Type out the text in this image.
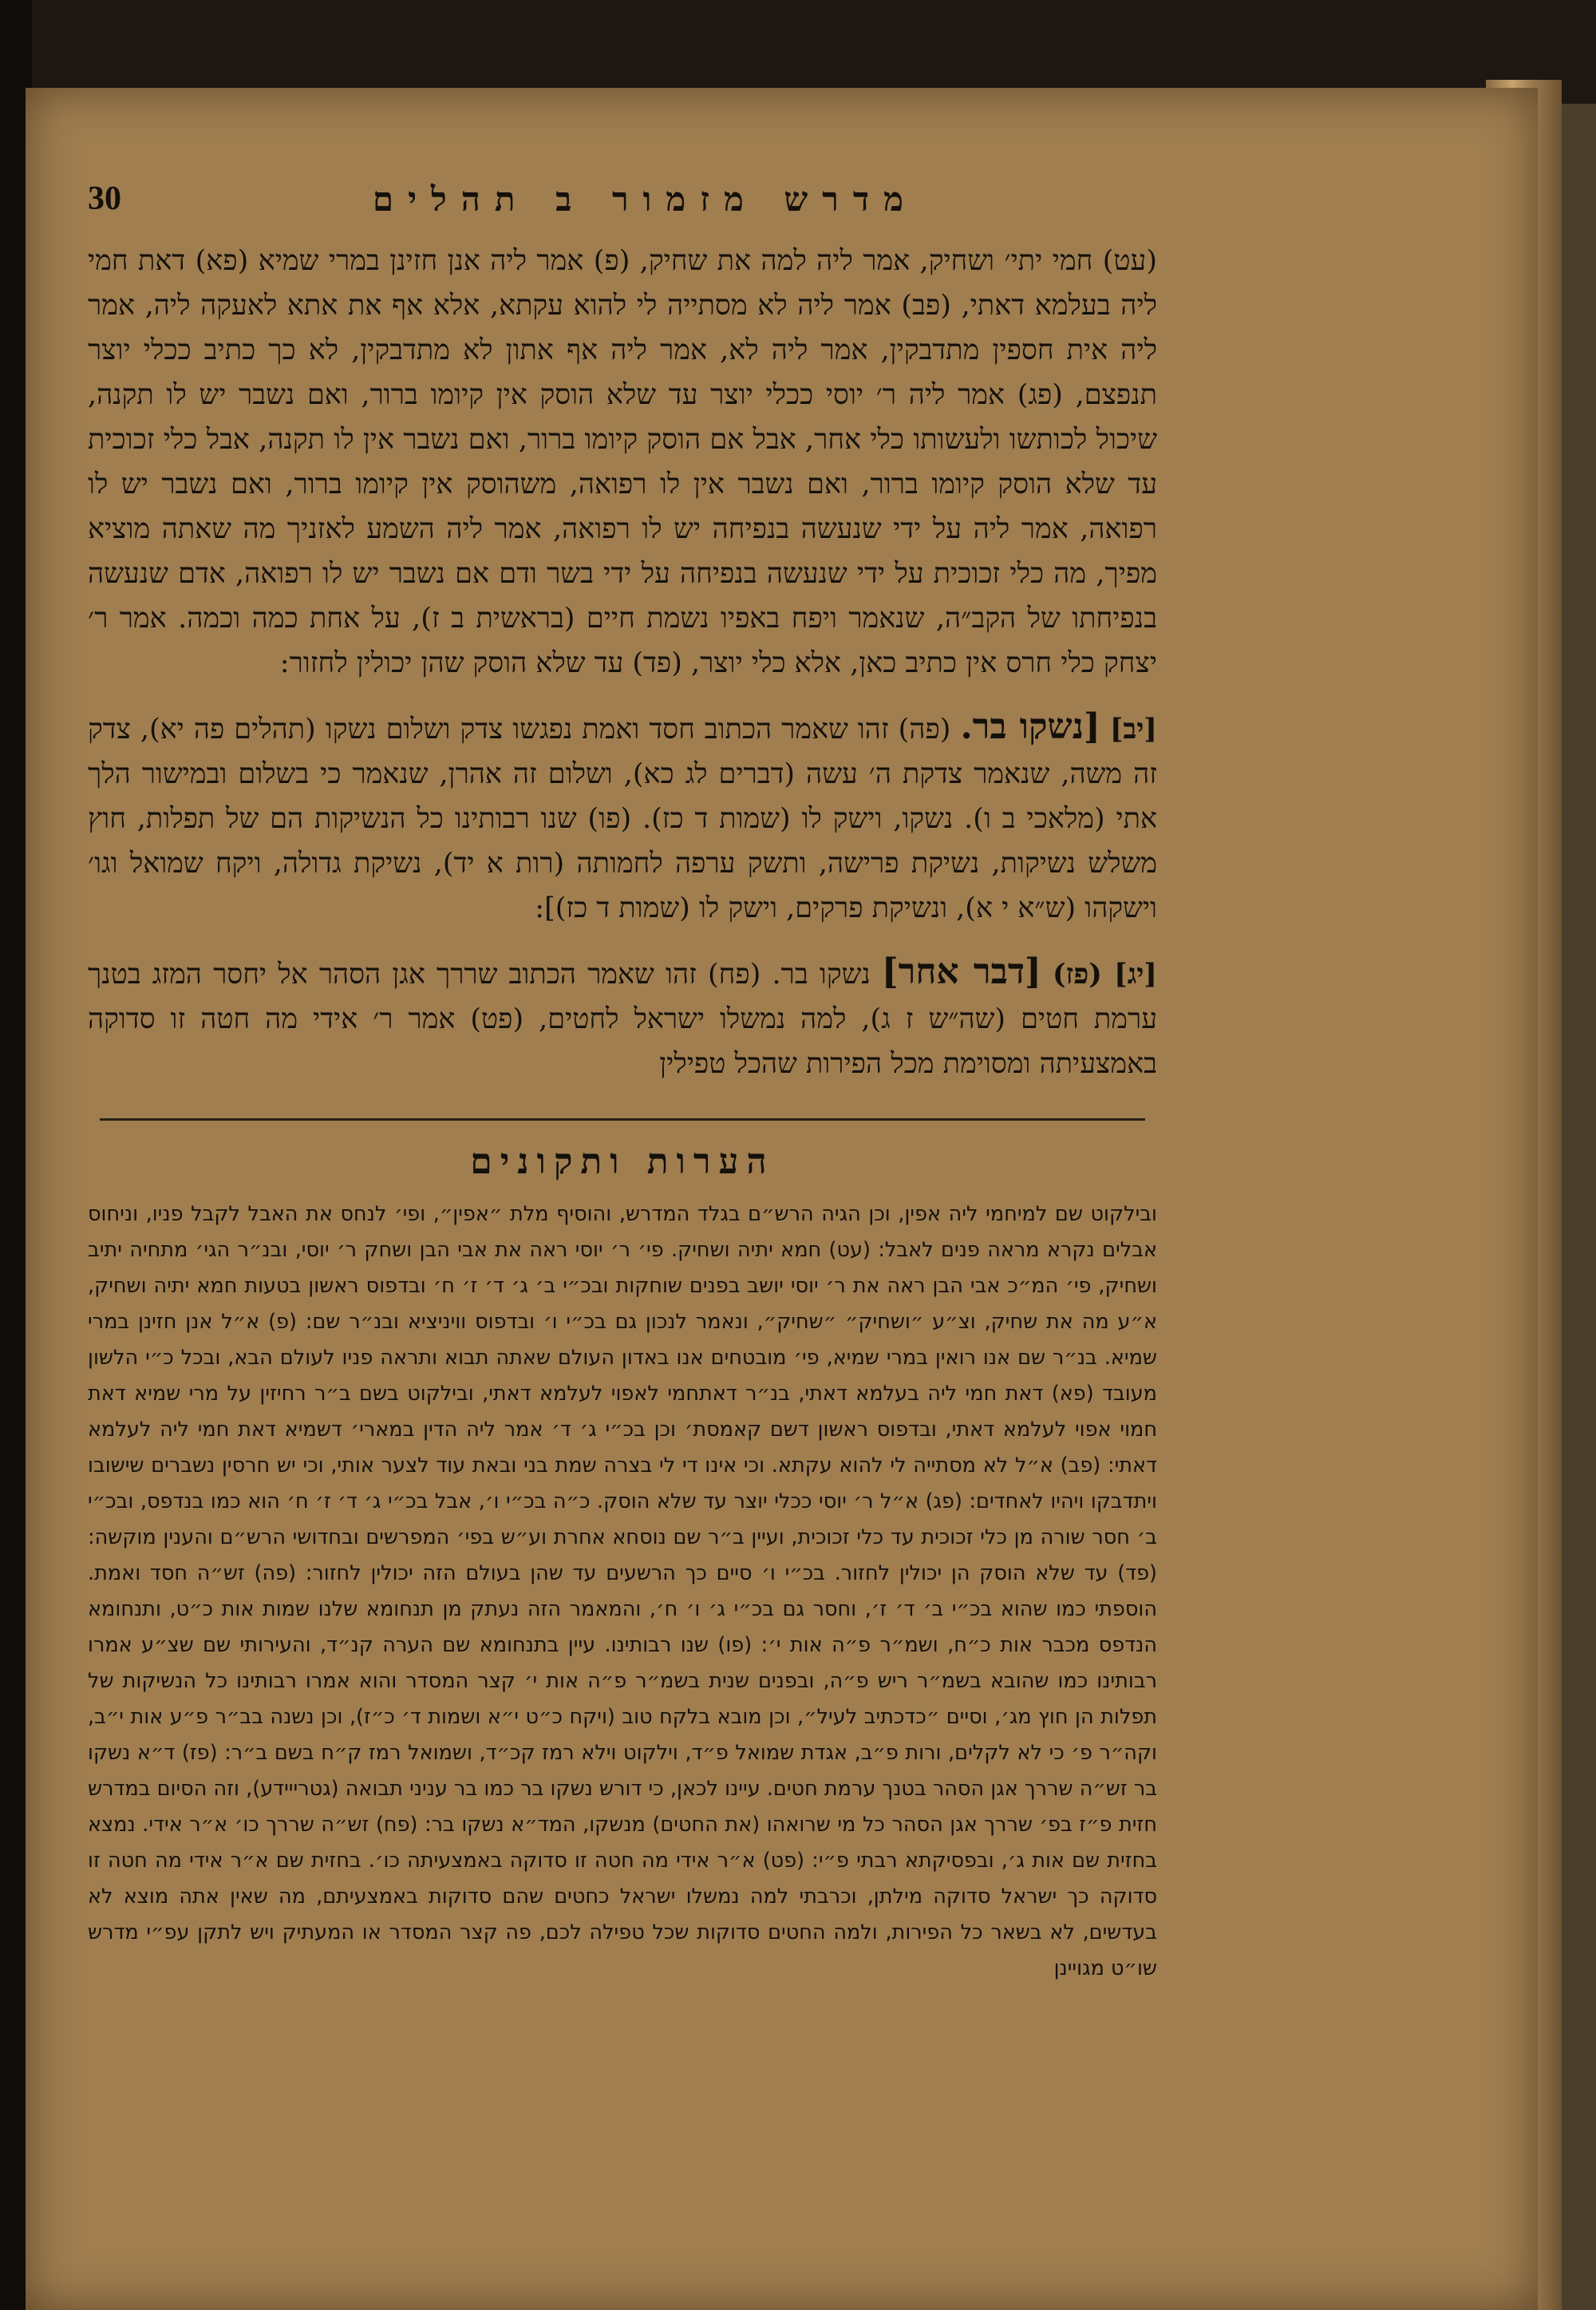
30	מדרש מזמור ב תהלים

(עט) חמי יתי׳ ושחיק, אמר ליה למה את שחיק, (פ) אמר ליה אנן חזינן במרי שמיא (פא) דאת חמי ליה בעלמא דאתי, (פב) אמר ליה לא מסתייה לי להוא עקתא, אלא אף את אתא לאעקה ליה, אמר ליה אית חספין מתדבקין, אמר ליה לא, אמר ליה אף אתון לא מתדבקין, לא כך כתיב ככלי יוצר תנפצם, (פג) אמר ליה ר׳ יוסי ככלי יוצר עד שלא הוסק אין קיומו ברור, ואם נשבר יש לו תקנה, שיכול לכותשו ולעשותו כלי אחר, אבל אם הוסק קיומו ברור, ואם נשבר אין לו תקנה, אבל כלי זכוכית עד שלא הוסק קיומו ברור, ואם נשבר אין לו רפואה, משהוסק אין קיומו ברור, ואם נשבר יש לו רפואה, אמר ליה על ידי שנעשה בנפיחה יש לו רפואה, אמר ליה השמע לאזניך מה שאתה מוציא מפיך, מה כלי זכוכית על ידי שנעשה בנפיחה על ידי בשר ודם אם נשבר יש לו רפואה, אדם שנעשה בנפיחתו של הקב״ה, שנאמר ויפח באפיו נשמת חיים (בראשית ב ז), על אחת כמה וכמה. אמר ר׳ יצחק כלי חרס אין כתיב כאן, אלא כלי יוצר, (פד) עד שלא הוסק שהן יכולין לחזור:

[יב] [נשקו בר. (פה) זהו שאמר הכתוב חסד ואמת נפגשו צדק ושלום נשקו (תהלים פה יא), צדק זה משה, שנאמר צדקת ה׳ עשה (דברים לג כא), ושלום זה אהרן, שנאמר כי בשלום ובמישור הלך אתי (מלאכי ב ו). נשקו, וישק לו (שמות ד כז). (פו) שנו רבותינו כל הנשיקות הם של תפלות, חוץ משלש נשיקות, נשיקת פרישה, ותשק ערפה לחמותה (רות א יד), נשיקת גדולה, ויקח שמואל וגו׳ וישקהו (ש״א י א), ונשיקת פרקים, וישק לו (שמות ד כז)]:

[יג] (פז) [דבר אחר] נשקו בר. (פח) זהו שאמר הכתוב שררך אגן הסהר אל יחסר המזג בטנך ערמת חטים (שה״ש ז ג), למה נמשלו ישראל לחטים, (פט) אמר ר׳ אידי מה חטה זו סדוקה באמצעיתה ומסוימת מכל הפירות שהכל טפילין

הערות ותקונים

ובילקוט שם למיחמי ליה אפין, וכן הגיה הרש״ם בגלד המדרש, והוסיף מלת ״אפין״, ופי׳ לנחס את האבל לקבל פניו, וניחוס אבלים נקרא מראה פנים לאבל: (עט) חמא יתיה ושחיק. פי׳ ר׳ יוסי ראה את אבי הבן ושחק ר׳ יוסי, ובנ״ר הגי׳ מתחיה יתיב ושחיק, פי׳ המ״כ אבי הבן ראה את ר׳ יוסי יושב בפנים שוחקות ובכ״י ב׳ ג׳ ד׳ ז׳ ח׳ ובדפוס ראשון בטעות חמא יתיה ושחיק, א״ע מה את שחיק, וצ״ע ״ושחיק״ ״שחיק״, ונאמר לנכון גם בכ״י ו׳ ובדפוס וויניציא ובנ״ר שם: (פ) א״ל אנן חזינן במרי שמיא. בנ״ר שם אנו רואין במרי שמיא, פי׳ מובטחים אנו באדון העולם שאתה תבוא ותראה פניו לעולם הבא, ובכל כ״י הלשון מעובד (פא) דאת חמי ליה בעלמא דאתי, בנ״ר דאתחמי לאפוי לעלמא דאתי, ובילקוט בשם ב״ר רחיזין על מרי שמיא דאת חמוי אפוי לעלמא דאתי, ובדפוס ראשון דשם קאמסת׳ וכן בכ״י ג׳ ד׳ אמר ליה הדין במארי׳ דשמיא דאת חמי ליה לעלמא דאתי: (פב) א״ל לא מסתייה לי להוא עקתא. וכי אינו די לי בצרה שמת בני ובאת עוד לצער אותי, וכי יש חרסין נשברים שישובו ויתדבקו ויהיו לאחדים: (פג) א״ל ר׳ יוסי ככלי יוצר עד שלא הוסק. כ״ה בכ״י ו׳, אבל בכ״י ג׳ ד׳ ז׳ ח׳ הוא כמו בנדפס, ובכ״י ב׳ חסר שורה מן כלי זכוכית עד כלי זכוכית, ועיין ב״ר שם נוסחא אחרת וע״ש בפי׳ המפרשים ובחדושי הרש״ם והענין מוקשה: (פד) עד שלא הוסק הן יכולין לחזור. בכ״י ו׳ סיים כך הרשעים עד שהן בעולם הזה יכולין לחזור: (פה) זש״ה חסד ואמת. הוספתי כמו שהוא בכ״י ב׳ ד׳ ז׳, וחסר גם בכ״י ג׳ ו׳ ח׳, והמאמר הזה נעתק מן תנחומא שלנו שמות אות כ״ט, ותנחומא הנדפס מכבר אות כ״ח, ושמ״ר פ״ה אות י׳: (פו) שנו רבותינו. עיין בתנחומא שם הערה קנ״ד, והעירותי שם שצ״ע אמרו רבותינו כמו שהובא בשמ״ר ריש פ״ה, ובפנים שנית בשמ״ר פ״ה אות י׳ קצר המסדר והוא אמרו רבותינו כל הנשיקות של תפלות הן חוץ מג׳, וסיים ״כדכתיב לעיל״, וכן מובא בלקח טוב (ויקח כ״ט י״א ושמות ד׳ כ״ז), וכן נשנה בב״ר פ״ע אות י״ב, וקה״ר פ׳ כי לא לקלים, ורות פ״ב, אגדת שמואל פ״ד, וילקוט וילא רמז קכ״ד, ושמואל רמז ק״ח בשם ב״ר: (פז) ד״א נשקו בר זש״ה שררך אגן הסהר בטנך ערמת חטים. עיינו לכאן, כי דורש נשקו בר כמו בר עניני תבואה (גטרייידע), וזה הסיום במדרש חזית פ״ז בפ׳ שררך אגן הסהר כל מי שרואהו (את החטים) מנשקו, המד״א נשקו בר: (פח) זש״ה שררך כו׳ א״ר אידי. נמצא בחזית שם אות ג׳, ובפסיקתא רבתי פ״י: (פט) א״ר אידי מה חטה זו סדוקה באמצעיתה כו׳. בחזית שם א״ר אידי מה חטה זו סדוקה כך ישראל סדוקה מילתן, וכרבתי למה נמשלו ישראל כחטים שהם סדוקות באמצעיתם, מה שאין אתה מוצא לא בעדשים, לא בשאר כל הפירות, ולמה החטים סדוקות שכל טפילה לכם, פה קצר המסדר או המעתיק ויש לתקן עפ״י מדרש שו״ט מגויינן
